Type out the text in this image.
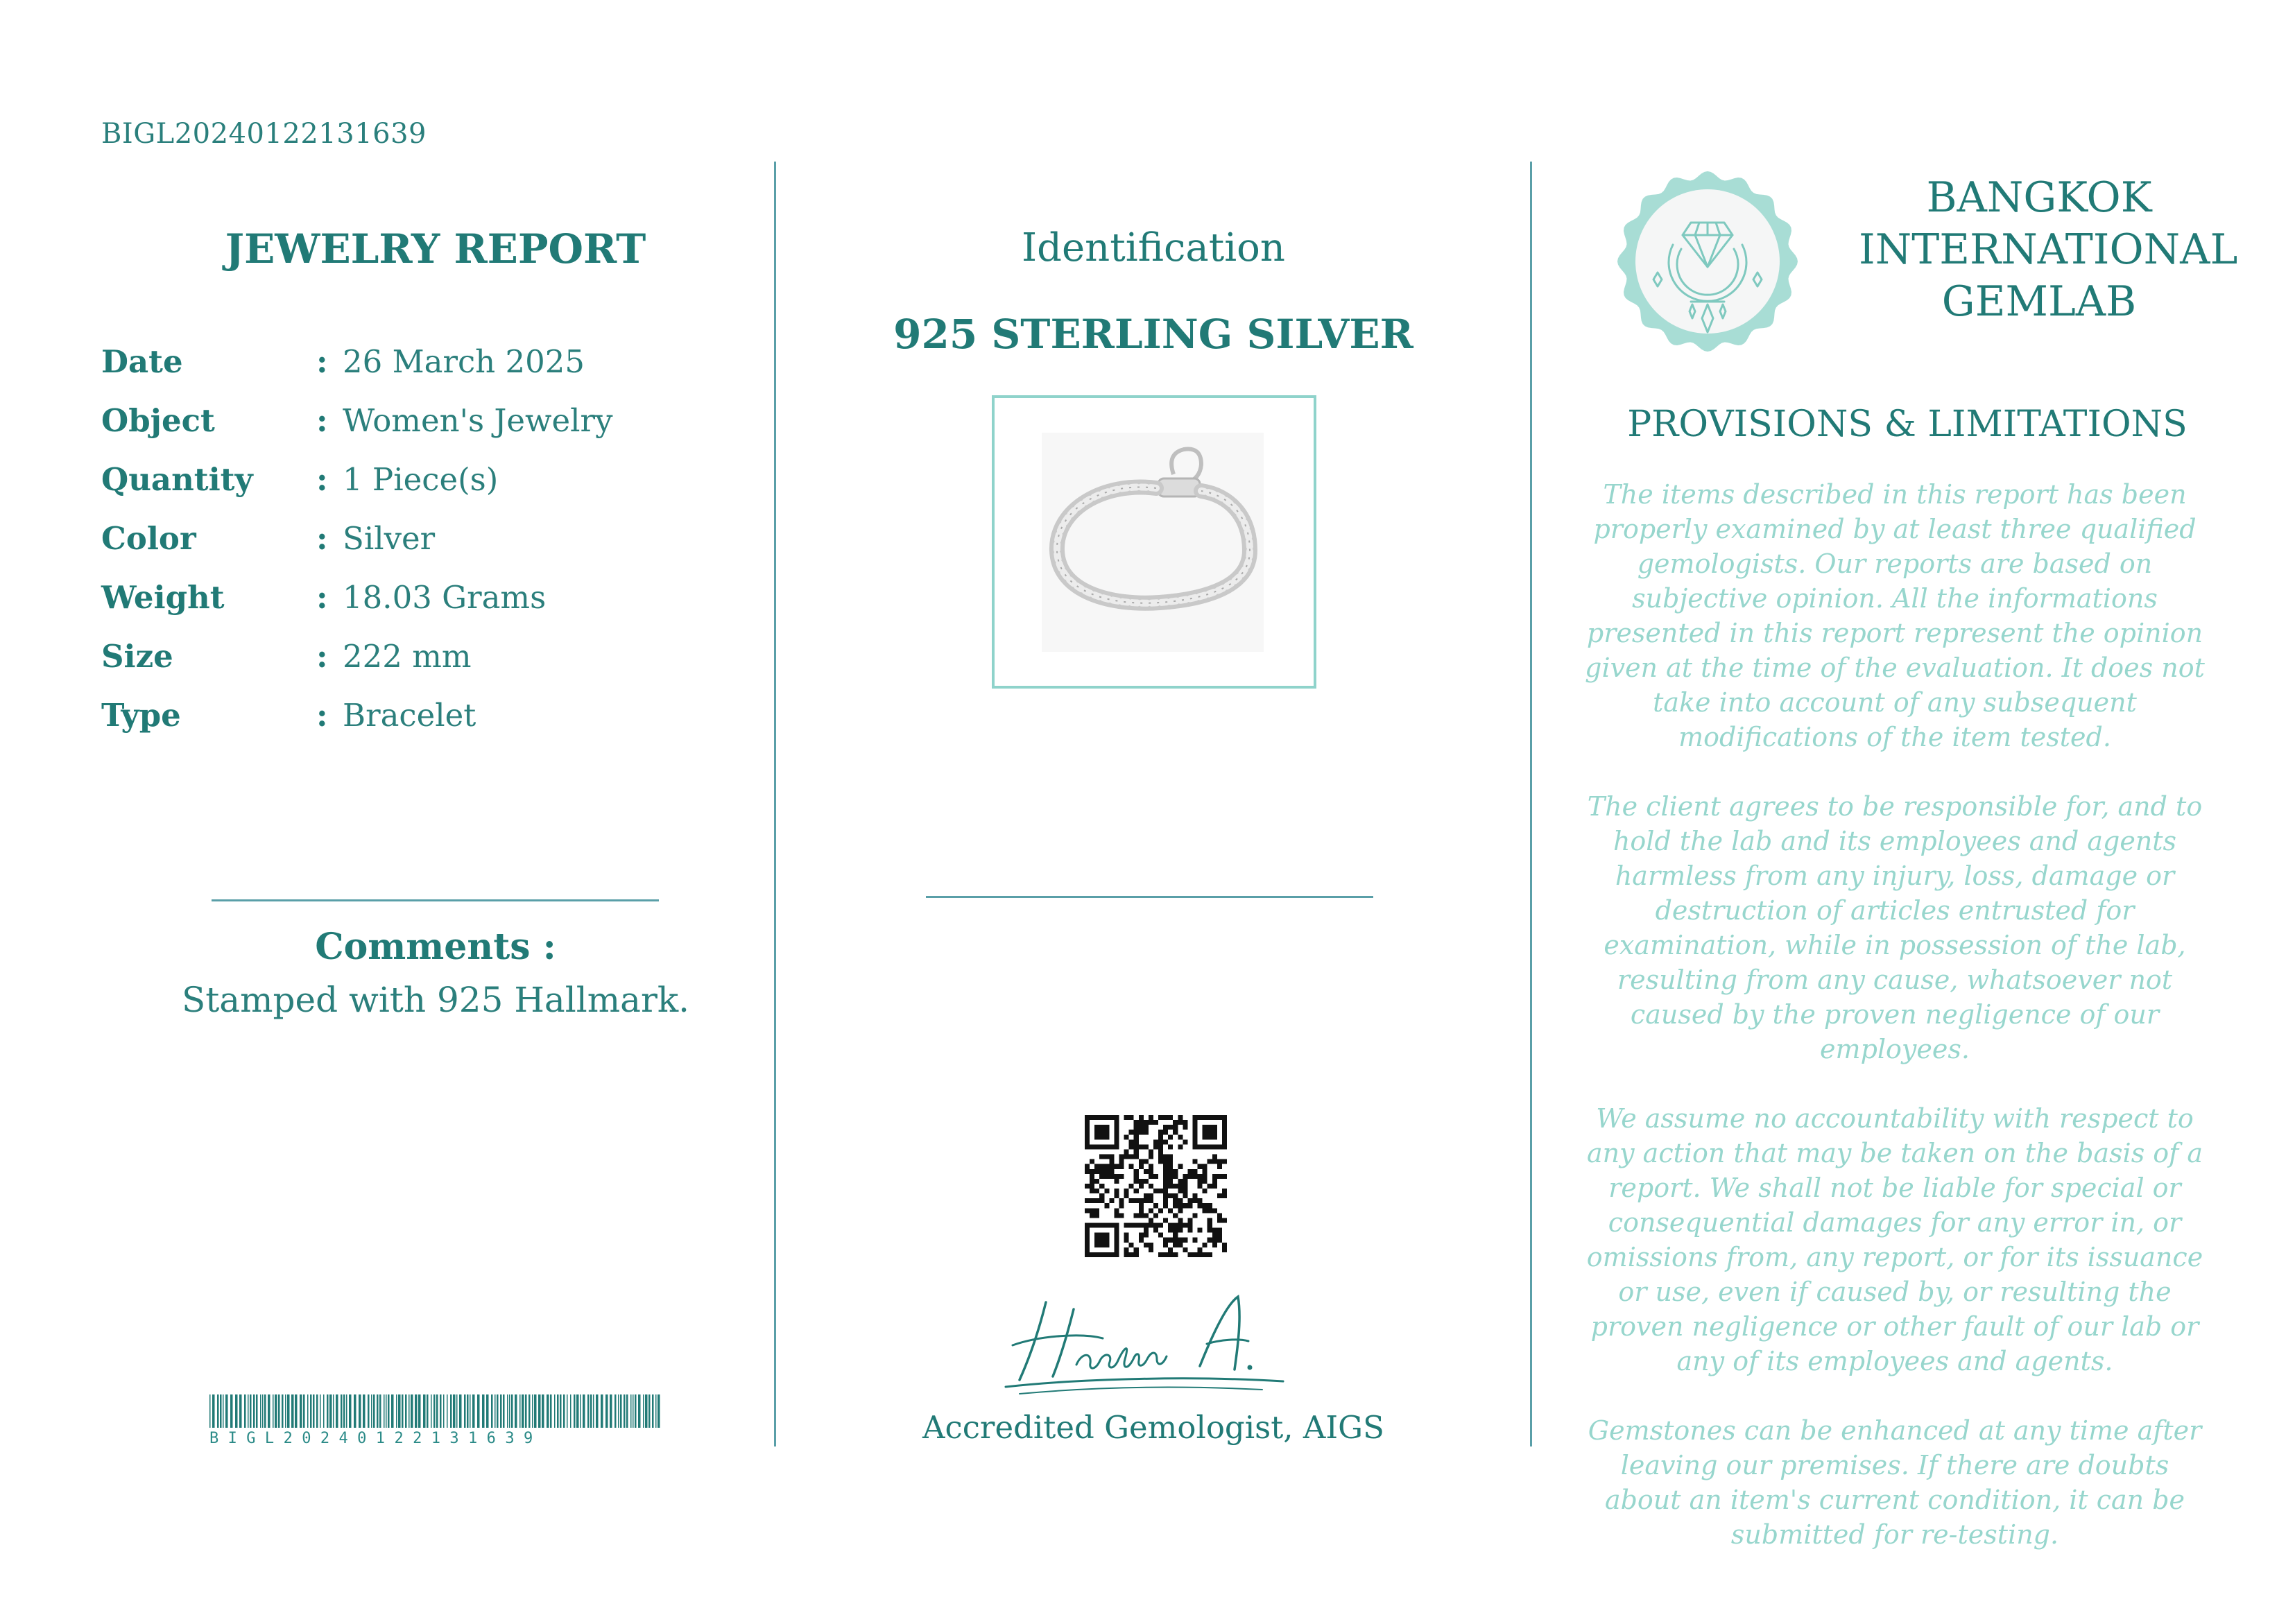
BIGL20240122131639
JEWELRY REPORT
Date	: 26 March 2025
Object	: Women's Jewelry
Quantity : 1 Piece(s)
Color	: Silver
Weight	: 18.03 Grams
Size	: 222 mm
Type	: Bracelet
Comments :
Stamped with 925 Hallmark.
BIGL20240122131639
Identification
925 STERLING SILVER
Accredited Gemologist, AIGS
BANGKOK
INTERNATIONAL
GEMLAB
PROVISIONS & LIMITATIONS

The items described in this report has been properly examined by at least three qualified gemologists. Our reports are based on subjective opinion. All the informations presented in this report represent the opinion given at the time of the evaluation. It does not take into account of any subsequent modifications of the item tested.

The client agrees to be responsible for, and to hold the lab and its employees and agents harmless from any injury, loss, damage or destruction of articles entrusted for examination, while in possession of the lab, resulting from any cause, whatsoever not caused by the proven negligence of our employees.

We assume no accountability with respect to any action that may be taken on the basis of a report. We shall not be liable for special or consequential damages for any error in, or omissions from, any report, or for its issuance or use, even if caused by, or resulting the proven negligence or other fault of our lab or any of its employees and agents.

Gemstones can be enhanced at any time after leaving our premises. If there are doubts about an item's current condition, it can be submitted for re-testing.
